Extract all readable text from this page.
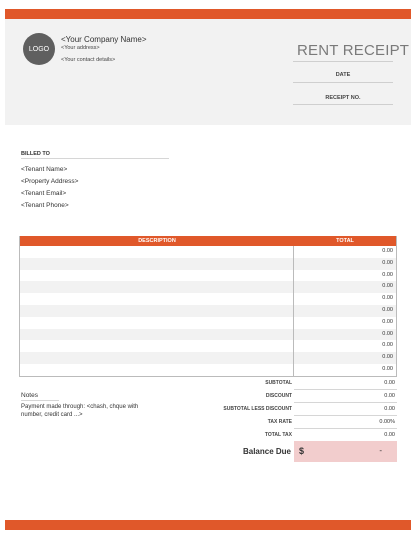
LOGO
<Your Company Name>
<Your address>
<Your contact details>
RENT RECEIPT
DATE
RECEIPT NO.
BILLED TO
<Tenant Name>
<Property Address>
<Tenant Email>
<Tenant Phone>
DESCRIPTION	TOTAL
0.00
0.00
0.00
0.00
0.00
0.00
0.00
0.00
0.00
0.00
0.00
Notes
Payment made through: <chash, chque with number, credit card ...>
SUBTOTAL	0.00
DISCOUNT	0.00
SUBTOTAL LESS DISCOUNT	0.00
TAX RATE	0.00%
TOTAL TAX	0.00
Balance Due $	-
